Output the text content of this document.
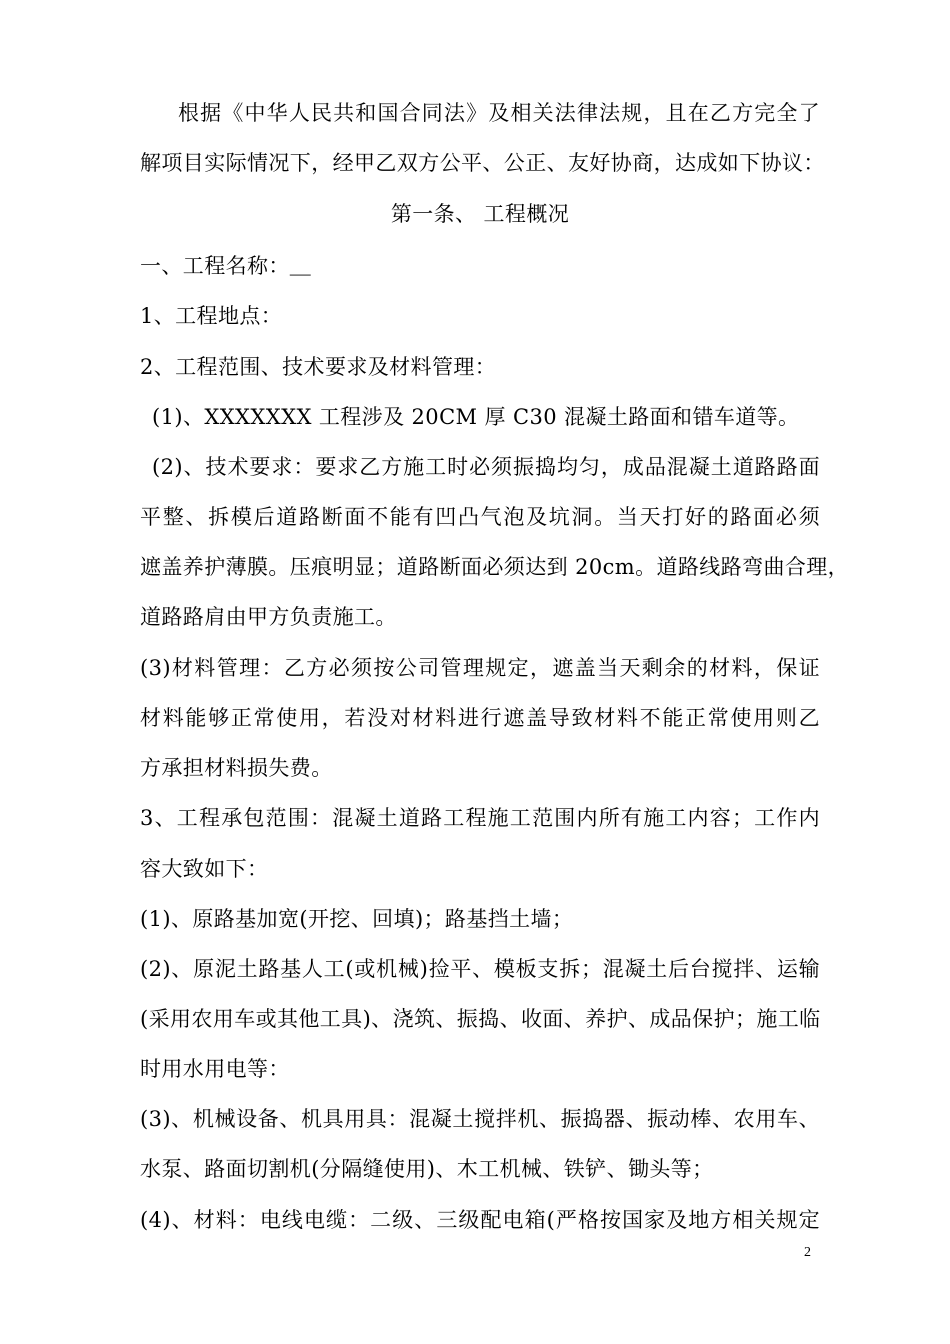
根据《中华人民共和国合同法》及相关法律法规，且在乙方完全了
解项目实际情况下，经甲乙双方公平、公正、友好协商，达成如下协议：
第一条、 工程概况
一、工程名称：＿
1、工程地点：
2、工程范围、技术要求及材料管理：
(1)、XXXXXXX 工程涉及 20CM 厚 C30 混凝土路面和错车道等。
(2)、技术要求：要求乙方施工时必须振捣均匀，成品混凝土道路路面
平整、拆模后道路断面不能有凹凸气泡及坑洞。当天打好的路面必须
遮盖养护薄膜。压痕明显；道路断面必须达到 20cm。道路线路弯曲合理，
道路路肩由甲方负责施工。
(3)材料管理：乙方必须按公司管理规定，遮盖当天剩余的材料，保证
材料能够正常使用，若没对材料进行遮盖导致材料不能正常使用则乙
方承担材料损失费。
3、工程承包范围：混凝土道路工程施工范围内所有施工内容；工作内
容大致如下：
(1)、原路基加宽(开挖、回填)；路基挡土墙；
(2)、原泥土路基人工(或机械)捡平、模板支拆；混凝土后台搅拌、运输
(采用农用车或其他工具)、浇筑、振捣、收面、养护、成品保护；施工临
时用水用电等：
(3)、机械设备、机具用具：混凝土搅拌机、振捣器、振动棒、农用车、
水泵、路面切割机(分隔缝使用)、木工机械、铁铲、锄头等；
(4)、材料：电线电缆：二级、三级配电箱(严格按国家及地方相关规定
2
